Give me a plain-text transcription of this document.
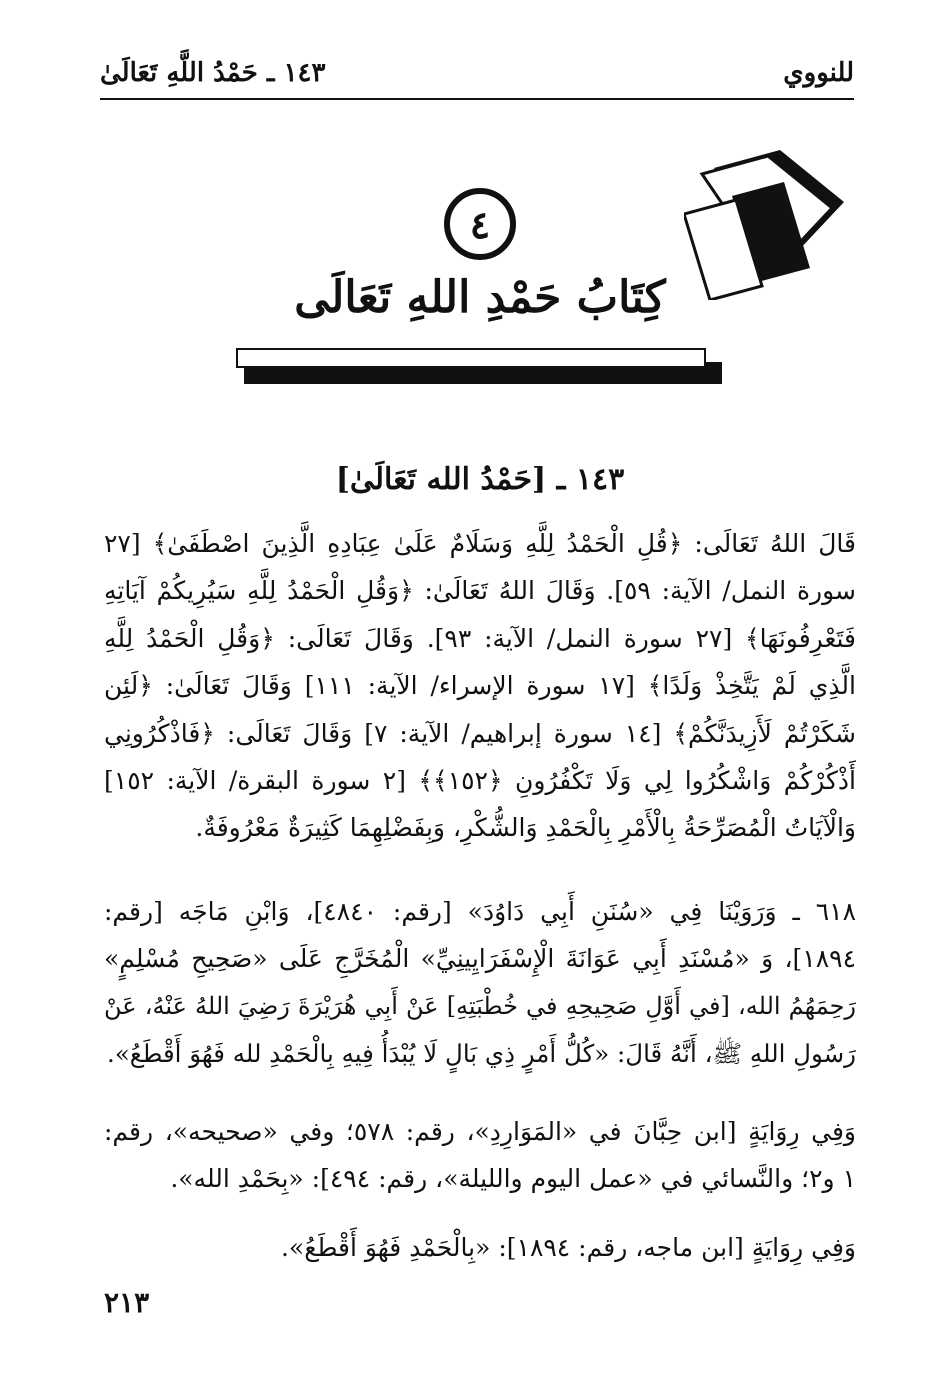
للنووي
١٤٣ ـ حَمْدُ اللَّهِ تَعَالَىٰ
٤
كِتَابُ حَمْدِ اللهِ تَعَالَى
١٤٣ ـ [حَمْدُ الله تَعَالَىٰ]
قَالَ اللهُ تَعَالَى: ﴿قُلِ الْحَمْدُ لِلَّهِ وَسَلَامٌ عَلَىٰ عِبَادِهِ الَّذِينَ اصْطَفَىٰ﴾ [٢٧
سورة النمل/ الآية: ٥٩]. وَقَالَ اللهُ تَعَالَىٰ: ﴿وَقُلِ الْحَمْدُ لِلَّهِ سَيُرِيكُمْ آيَاتِهِ
فَتَعْرِفُونَهَا﴾ [٢٧ سورة النمل/ الآية: ٩٣]. وَقَالَ تَعَالَى: ﴿وَقُلِ الْحَمْدُ لِلَّهِ
الَّذِي لَمْ يَتَّخِذْ وَلَدًا﴾ [١٧ سورة الإسراء/ الآية: ١١١] وَقَالَ تَعَالَىٰ: ﴿لَئِن
شَكَرْتُمْ لَأَزِيدَنَّكُمْ﴾ [١٤ سورة إبراهيم/ الآية: ٧] وَقَالَ تَعَالَى: ﴿فَاذْكُرُونِي
أَذْكُرْكُمْ وَاشْكُرُوا لِي وَلَا تَكْفُرُونِ ﴿١٥٢﴾﴾ [٢ سورة البقرة/ الآية: ١٥٢]
وَالْآيَاتُ الْمُصَرِّحَةُ بِالْأَمْرِ بِالْحَمْدِ وَالشُّكْرِ، وَبِفَضْلِهِمَا كَثِيرَةٌ مَعْرُوفَةٌ.
٦١٨ ـ وَرَوَيْنَا فِي «سُنَنِ أَبِي دَاوُدَ» [رقم: ٤٨٤٠]، وَابْنِ مَاجَه [رقم:
١٨٩٤]، وَ «مُسْنَدِ أَبِي عَوَانَةَ الْإِسْفَرَايِينِيِّ» الْمُخَرَّجِ عَلَى «صَحِيحِ مُسْلِمٍ»
رَحِمَهُمُ الله، [في أَوَّلِ صَحِيحِهِ في خُطْبَتِهِ] عَنْ أَبِي هُرَيْرَةَ رَضِيَ اللهُ عَنْهُ، عَنْ
رَسُولِ اللهِ ﷺ، أَنَّهُ قَالَ: «كُلُّ أَمْرٍ ذِي بَالٍ لَا يُبْدَأُ فِيهِ بِالْحَمْدِ لله فَهُوَ أَقْطَعُ».
وَفِي رِوَايَةٍ [ابن حِبَّانَ في «المَوَارِدِ»، رقم: ٥٧٨؛ وفي «صحيحه»، رقم:
١ و٢؛ والنَّسائي في «عمل اليوم والليلة»، رقم: ٤٩٤]: «بِحَمْدِ الله».
وَفِي رِوَايَةٍ [ابن ماجه، رقم: ١٨٩٤]: «بِالْحَمْدِ فَهُوَ أَقْطَعُ».
٢١٣
